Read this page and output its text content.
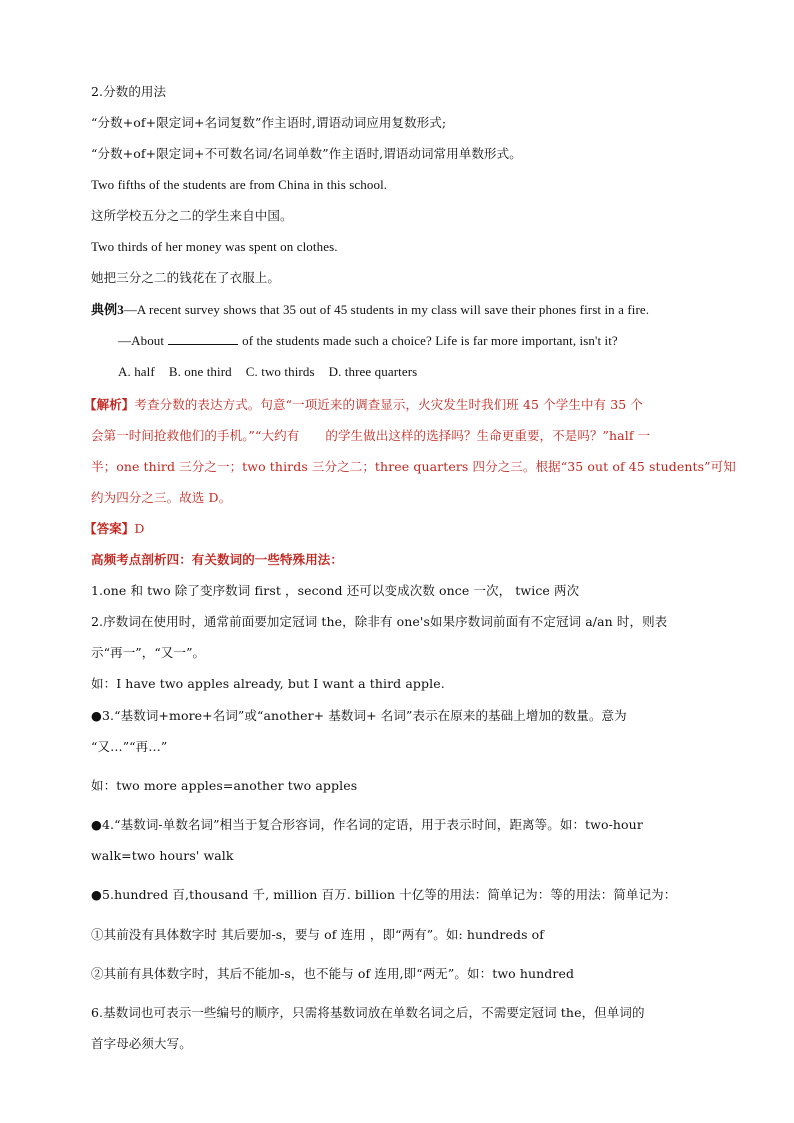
2.分数的用法
“分数+of+限定词+名词复数”作主语时,谓语动词应用复数形式;
“分数+of+限定词+不可数名词/名词单数”作主语时,谓语动词常用单数形式。
Two fifths of the students are from China in this school.
这所学校五分之二的学生来自中国。
Two thirds of her money was spent on clothes.
她把三分之二的钱花在了衣服上。
典例3—A recent survey shows that 35 out of 45 students in my class will save their phones first in a fire.
—About	of the students made such a choice? Life is far more important, isn't it?
A. half B. one third C. two thirds D. three quarters
【解析】考查分数的表达方式。句意“一项近来的调查显示，火灾发生时我们班 45 个学生中有 35 个
会第一时间抢救他们的手机。”“大约有 的学生做出这样的选择吗？生命更重要，不是吗？”half 一
半；one third 三分之一；two thirds 三分之二；three quarters 四分之三。根据“35 out of 45 students”可知
约为四分之三。故选 D。
【答案】D
高频考点剖析四：有关数词的一些特殊用法：
1.one 和 two 除了变序数词 first ，second 还可以变成次数 once 一次， twice 两次
2.序数词在使用时，通常前面要加定冠词 the，除非有 one's如果序数词前面有不定冠词 a/an 时，则表
示“再一”，“又一”。
如：I have two apples already, but I want a third apple.
●3.“基数词+more+名词”或“another+ 基数词+ 名词”表示在原来的基础上增加的数量。意为
“又…”“再…”
如：two more apples=another two apples
●4.“基数词-单数名词”相当于复合形容词，作名词的定语，用于表示时间，距离等。如：two-hour
walk=two hours' walk
●5.hundred 百,thousand 千, million 百万. billion 十亿等的用法：简单记为：等的用法：简单记为：
①其前没有具体数字时 其后要加-s，要与 of 连用 ，即“两有”。如: hundreds of
②其前有具体数字时，其后不能加-s，也不能与 of 连用,即“两无”。如：two hundred
6.基数词也可表示一些编号的顺序，只需将基数词放在单数名词之后，不需要定冠词 the，但单词的
首字母必须大写。
